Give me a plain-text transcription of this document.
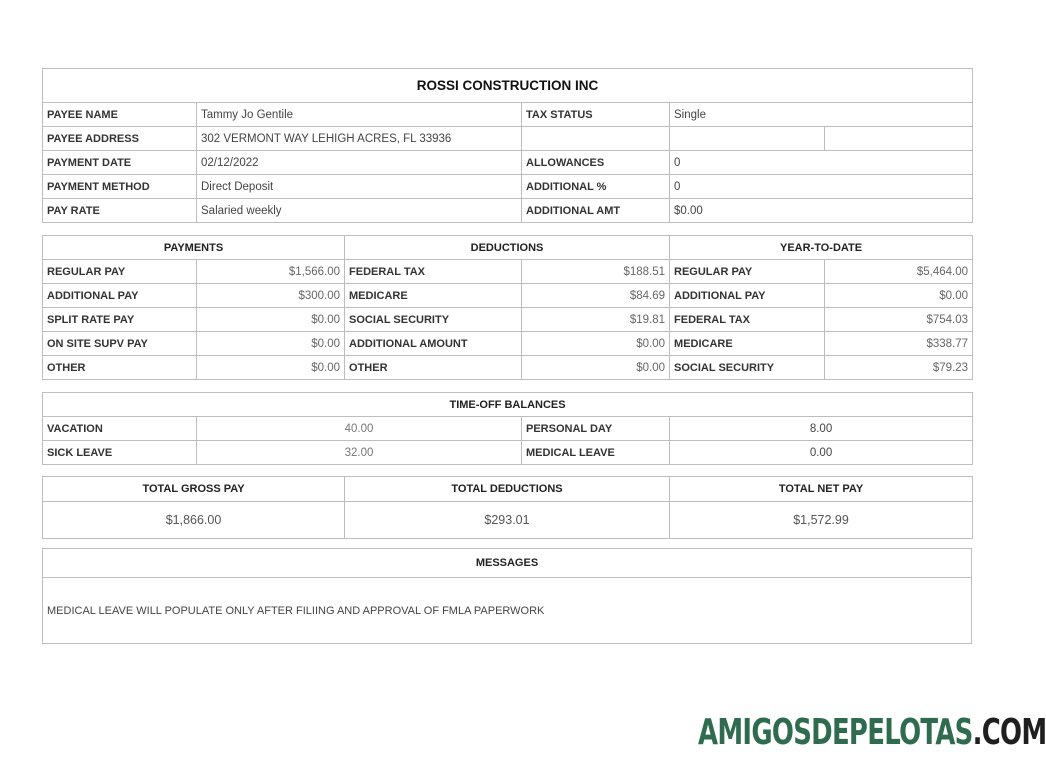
ROSSI CONSTRUCTION INC				
PAYEE NAME	Tammy Jo Gentile	TAX STATUS	Single	
PAYEE ADDRESS	302 VERMONT WAY LEHIGH ACRES, FL 33936			
PAYMENT DATE	02/12/2022	ALLOWANCES	0	
PAYMENT METHOD	Direct Deposit	ADDITIONAL %	0	
PAY RATE	Salaried weekly	ADDITIONAL AMT	$0.00	
PAYMENTS		DEDUCTIONS		YEAR-TO-DATE	
REGULAR PAY	$1,566.00	FEDERAL TAX	$188.51	REGULAR PAY	$5,464.00
ADDITIONAL PAY	$300.00	MEDICARE	$84.69	ADDITIONAL PAY	$0.00
SPLIT RATE PAY	$0.00	SOCIAL SECURITY	$19.81	FEDERAL TAX	$754.03
ON SITE SUPV PAY	$0.00	ADDITIONAL AMOUNT	$0.00	MEDICARE	$338.77
OTHER	$0.00	OTHER	$0.00	SOCIAL SECURITY	$79.23
TIME-OFF BALANCES			
VACATION	40.00	PERSONAL DAY	8.00
SICK LEAVE	32.00	MEDICAL LEAVE	0.00
TOTAL GROSS PAY	TOTAL DEDUCTIONS	TOTAL NET PAY
$1,866.00	$293.01	$1,572.99
MESSAGES
MEDICAL LEAVE WILL POPULATE ONLY AFTER FILIING AND APPROVAL OF FMLA PAPERWORK
AMIGOSDEPELOTAS.COM
